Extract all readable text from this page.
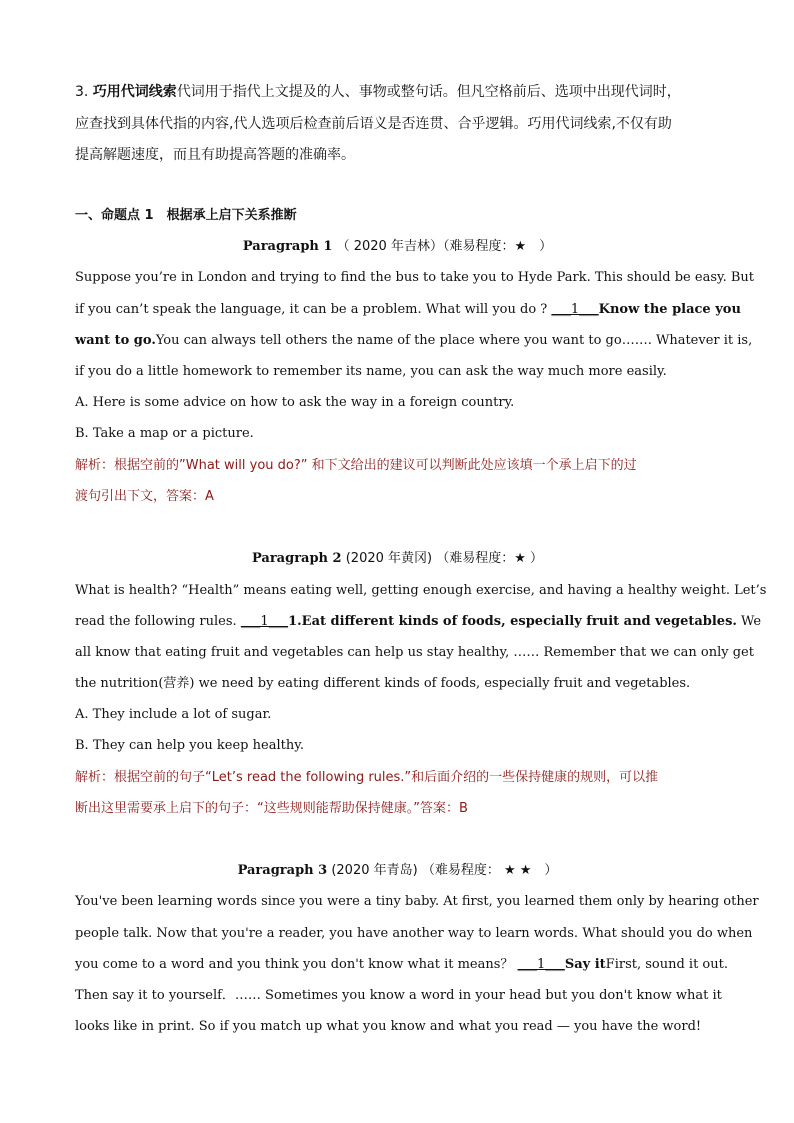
3. 巧用代词线索代词用于指代上文提及的人、事物或整句话。但凡空格前后、选项中出现代词时，
应查找到具体代指的内容,代人选项后检查前后语义是否连贯、合乎逻辑。巧用代词线索,不仅有助
提高解题速度，而且有助提高答题的准确率。
一、命题点 1　根据承上启下关系推断
Paragraph 1 （ 2020 年吉林）（难易程度：★　）
Suppose you’re in London and trying to find the bus to take you to Hyde Park. This should be easy. But
if you can’t speak the language, it can be a problem. What will you do ? ___1___Know the place you
want to go.You can always tell others the name of the place where you want to go……. Whatever it is,
if you do a little homework to remember its name, you can ask the way much more easily.
A. Here is some advice on how to ask the way in a foreign country.
B. Take a map or a picture.
解析：根据空前的”What will you do?” 和下文给出的建议可以判断此处应该填一个承上启下的过
渡句引出下文，答案：A
Paragraph 2 (2020 年黄冈) （难易程度：★ ）
What is health? “Health” means eating well, getting enough exercise, and having a healthy weight. Let’s
read the following rules. ___1___1.Eat different kinds of foods, especially fruit and vegetables. We
all know that eating fruit and vegetables can help us stay healthy, …… Remember that we can only get
the nutrition(营养) we need by eating different kinds of foods, especially fruit and vegetables.
A. They include a lot of sugar.
B. They can help you keep healthy.
解析：根据空前的句子“Let’s read the following rules.”和后面介绍的一些保持健康的规则，可以推
断出这里需要承上启下的句子：“这些规则能帮助保持健康。”答案：B
Paragraph 3 (2020 年青岛) （难易程度： ★ ★　）
You've been learning words since you were a tiny baby. At first, you learned them only by hearing other
people talk. Now that you're a reader, you have another way to learn words. What should you do when
you come to a word and you think you don't know what it means？ ___1___Say itFirst, sound it out.
Then say it to yourself．…… Sometimes you know a word in your head but you don't know what it
looks like in print. So if you match up what you know and what you read — you have the word!
